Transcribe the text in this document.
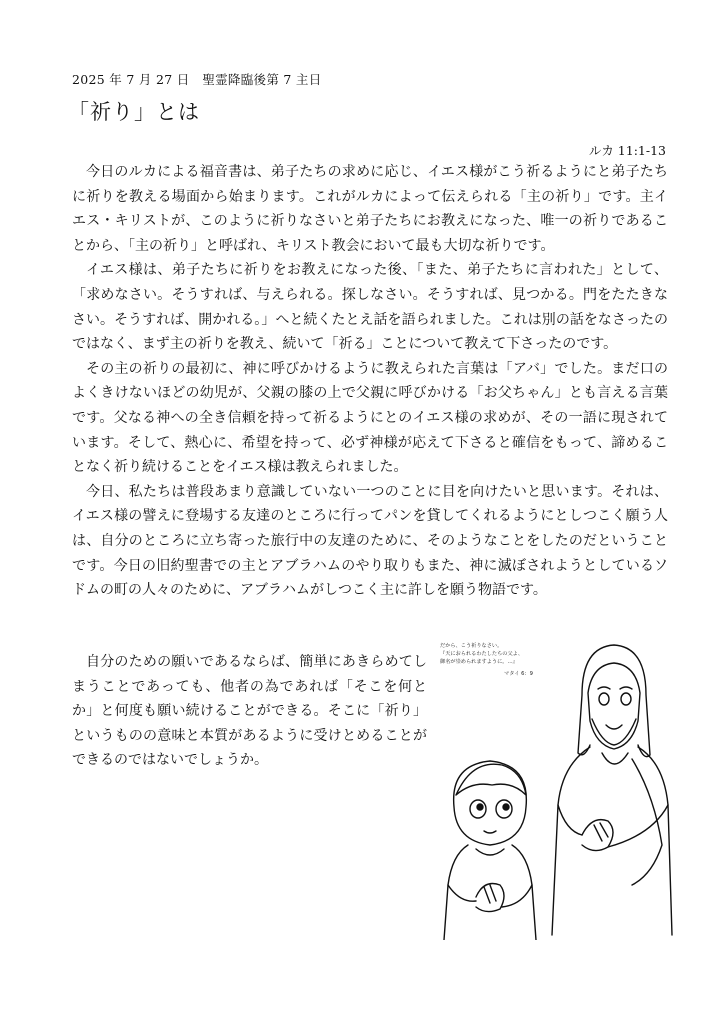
2025 年 7 月 27 日　聖霊降臨後第 7 主日
「祈り」とは
ルカ 11:1-13

今日のルカによる福音書は、弟子たちの求めに応じ、イエス様がこう祈るようにと弟子たちに祈りを教える場面から始まります。これがルカによって伝えられる「主の祈り」です。主イエス・キリストが、このように祈りなさいと弟子たちにお教えになった、唯一の祈りであることから、「主の祈り」と呼ばれ、キリスト教会において最も大切な祈りです。

イエス様は、弟子たちに祈りをお教えになった後、「また、弟子たちに言われた」として、「求めなさい。そうすれば、与えられる。探しなさい。そうすれば、見つかる。門をたたきなさい。そうすれば、開かれる。」へと続くたとえ話を語られました。これは別の話をなさったのではなく、まず主の祈りを教え、続いて「祈る」ことについて教えて下さったのです。

その主の祈りの最初に、神に呼びかけるように教えられた言葉は「アバ」でした。まだ口のよくきけないほどの幼児が、父親の膝の上で父親に呼びかける「お父ちゃん」とも言える言葉です。父なる神への全き信頼を持って祈るようにとのイエス様の求めが、その一語に現されています。そして、熱心に、希望を持って、必ず神様が応えて下さると確信をもって、諦めることなく祈り続けることをイエス様は教えられました。

今日、私たちは普段あまり意識していない一つのことに目を向けたいと思います。それは、イエス様の譬えに登場する友達のところに行ってパンを貸してくれるようにとしつこく願う人は、自分のところに立ち寄った旅行中の友達のために、そのようなことをしたのだということです。今日の旧約聖書での主とアブラハムのやり取りもまた、神に滅ぼされようとしているソドムの町の人々のために、アブラハムがしつこく主に許しを願う物語です。

自分のための願いであるならば、簡単にあきらめてしまうことであっても、他者の為であれば「そこを何とか」と何度も願い続けることができる。そこに「祈り」というものの意味と本質があるように受けとめることができるのではないでしょうか。

だから、こう祈りなさい。
『天におられるわたしたちの父よ、
御名が崇められますように。…』
マタイ 6：9
